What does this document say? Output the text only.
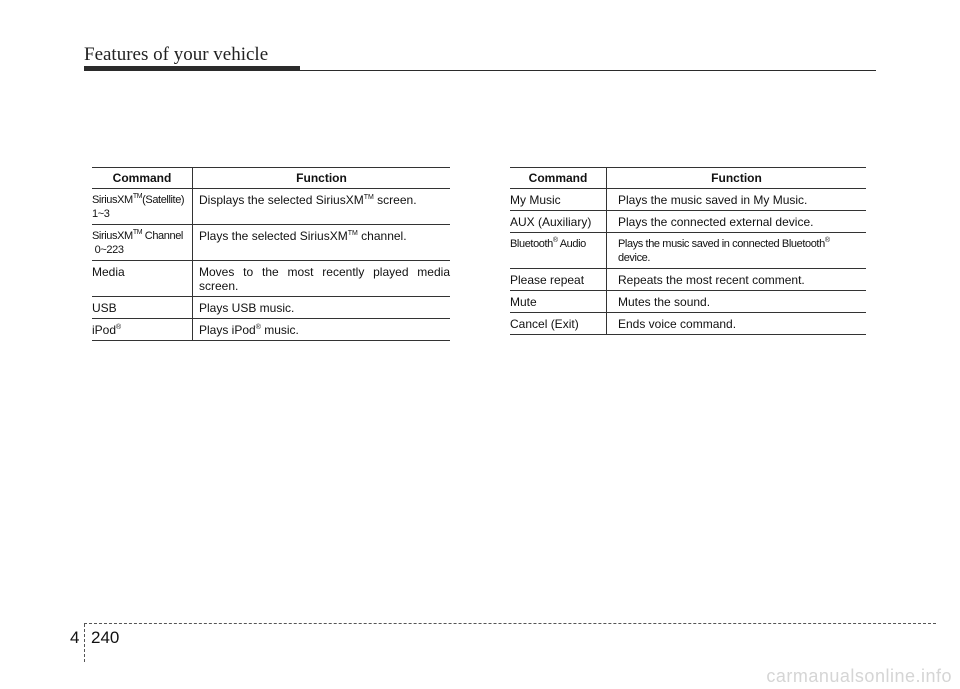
Features of your vehicle
Command	Function
SiriusXM™(Satellite)
1~3	Displays the selected SiriusXM™ screen.
SiriusXM™ Channel
0~223	Plays the selected SiriusXM™ channel.
Media	Moves to the most recently played media screen.
USB	Plays USB music.
iPod®	Plays iPod® music.
Command	Function
My Music	Plays the music saved in My Music.
AUX (Auxiliary)	Plays the connected external device.
Bluetooth® Audio	Plays the music saved in connected Bluetooth®
device.
Please repeat	Repeats the most recent comment.
Mute	Mutes the sound.
Cancel (Exit)	Ends voice command.
4 240
carmanualsonline.info
